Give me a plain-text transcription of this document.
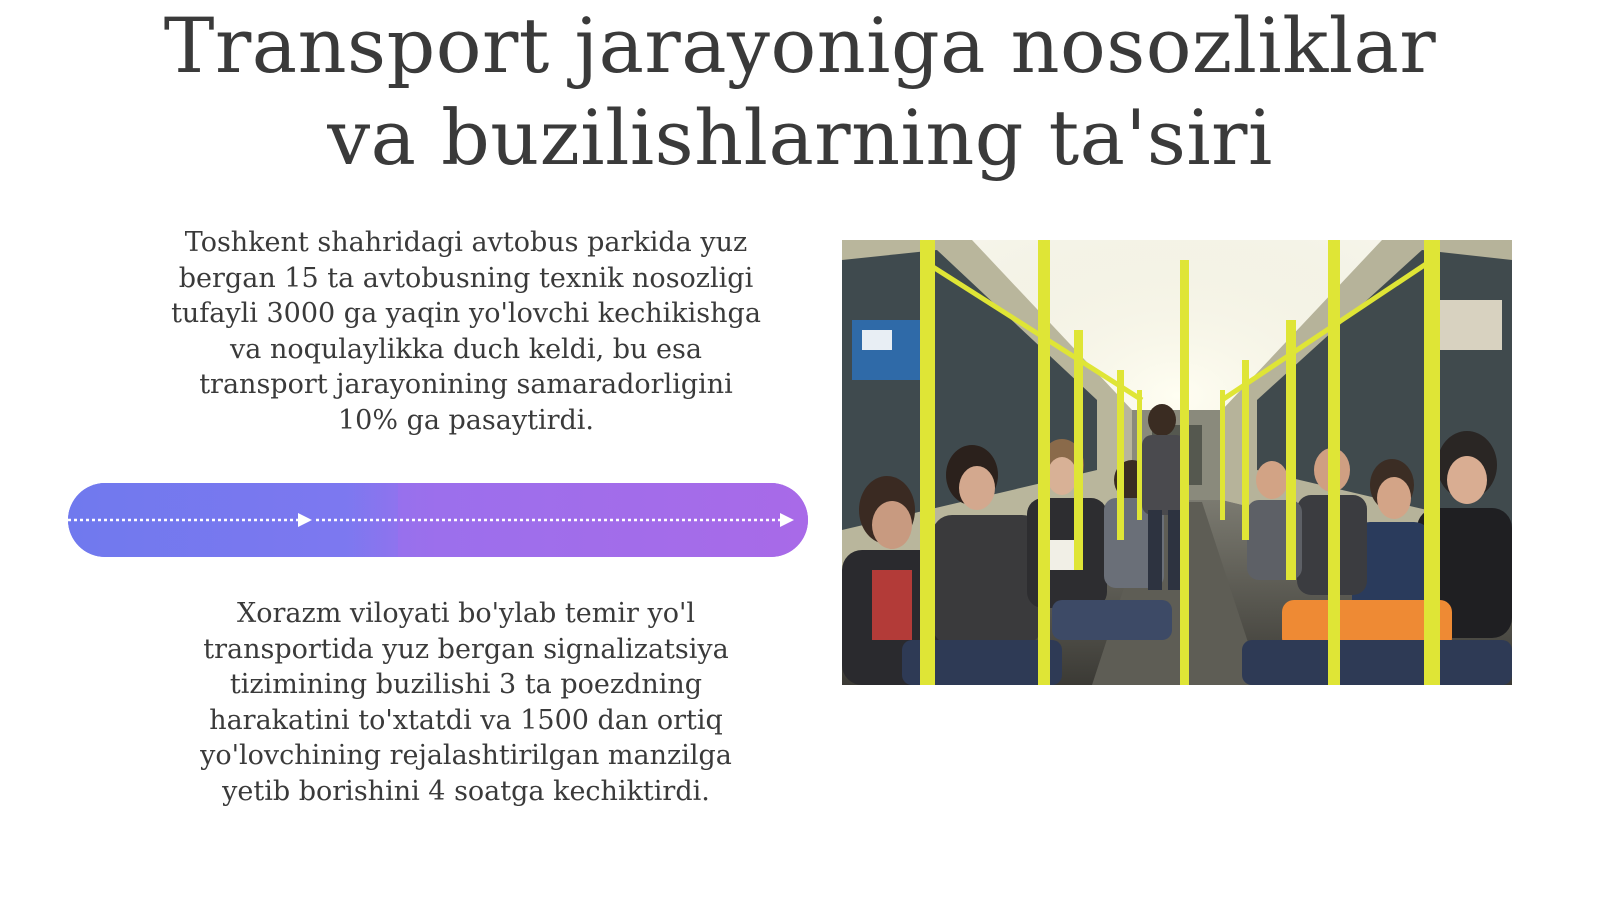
Transport jarayoniga nosozliklar
va buzilishlarning ta'siri

Toshkent shahridagi avtobus parkida yuz
bergan 15 ta avtobusning texnik nosozligi
tufayli 3000 ga yaqin yo'lovchi kechikishga
va noqulaylikka duch keldi, bu esa
transport jarayonining samaradorligini
10% ga pasaytirdi.

Xorazm viloyati bo'ylab temir yo'l
transportida yuz bergan signalizatsiya
tizimining buzilishi 3 ta poezdning
harakatini to'xtatdi va 1500 dan ortiq
yo'lovchining rejalashtirilgan manzilga
yetib borishini 4 soatga kechiktirdi.
